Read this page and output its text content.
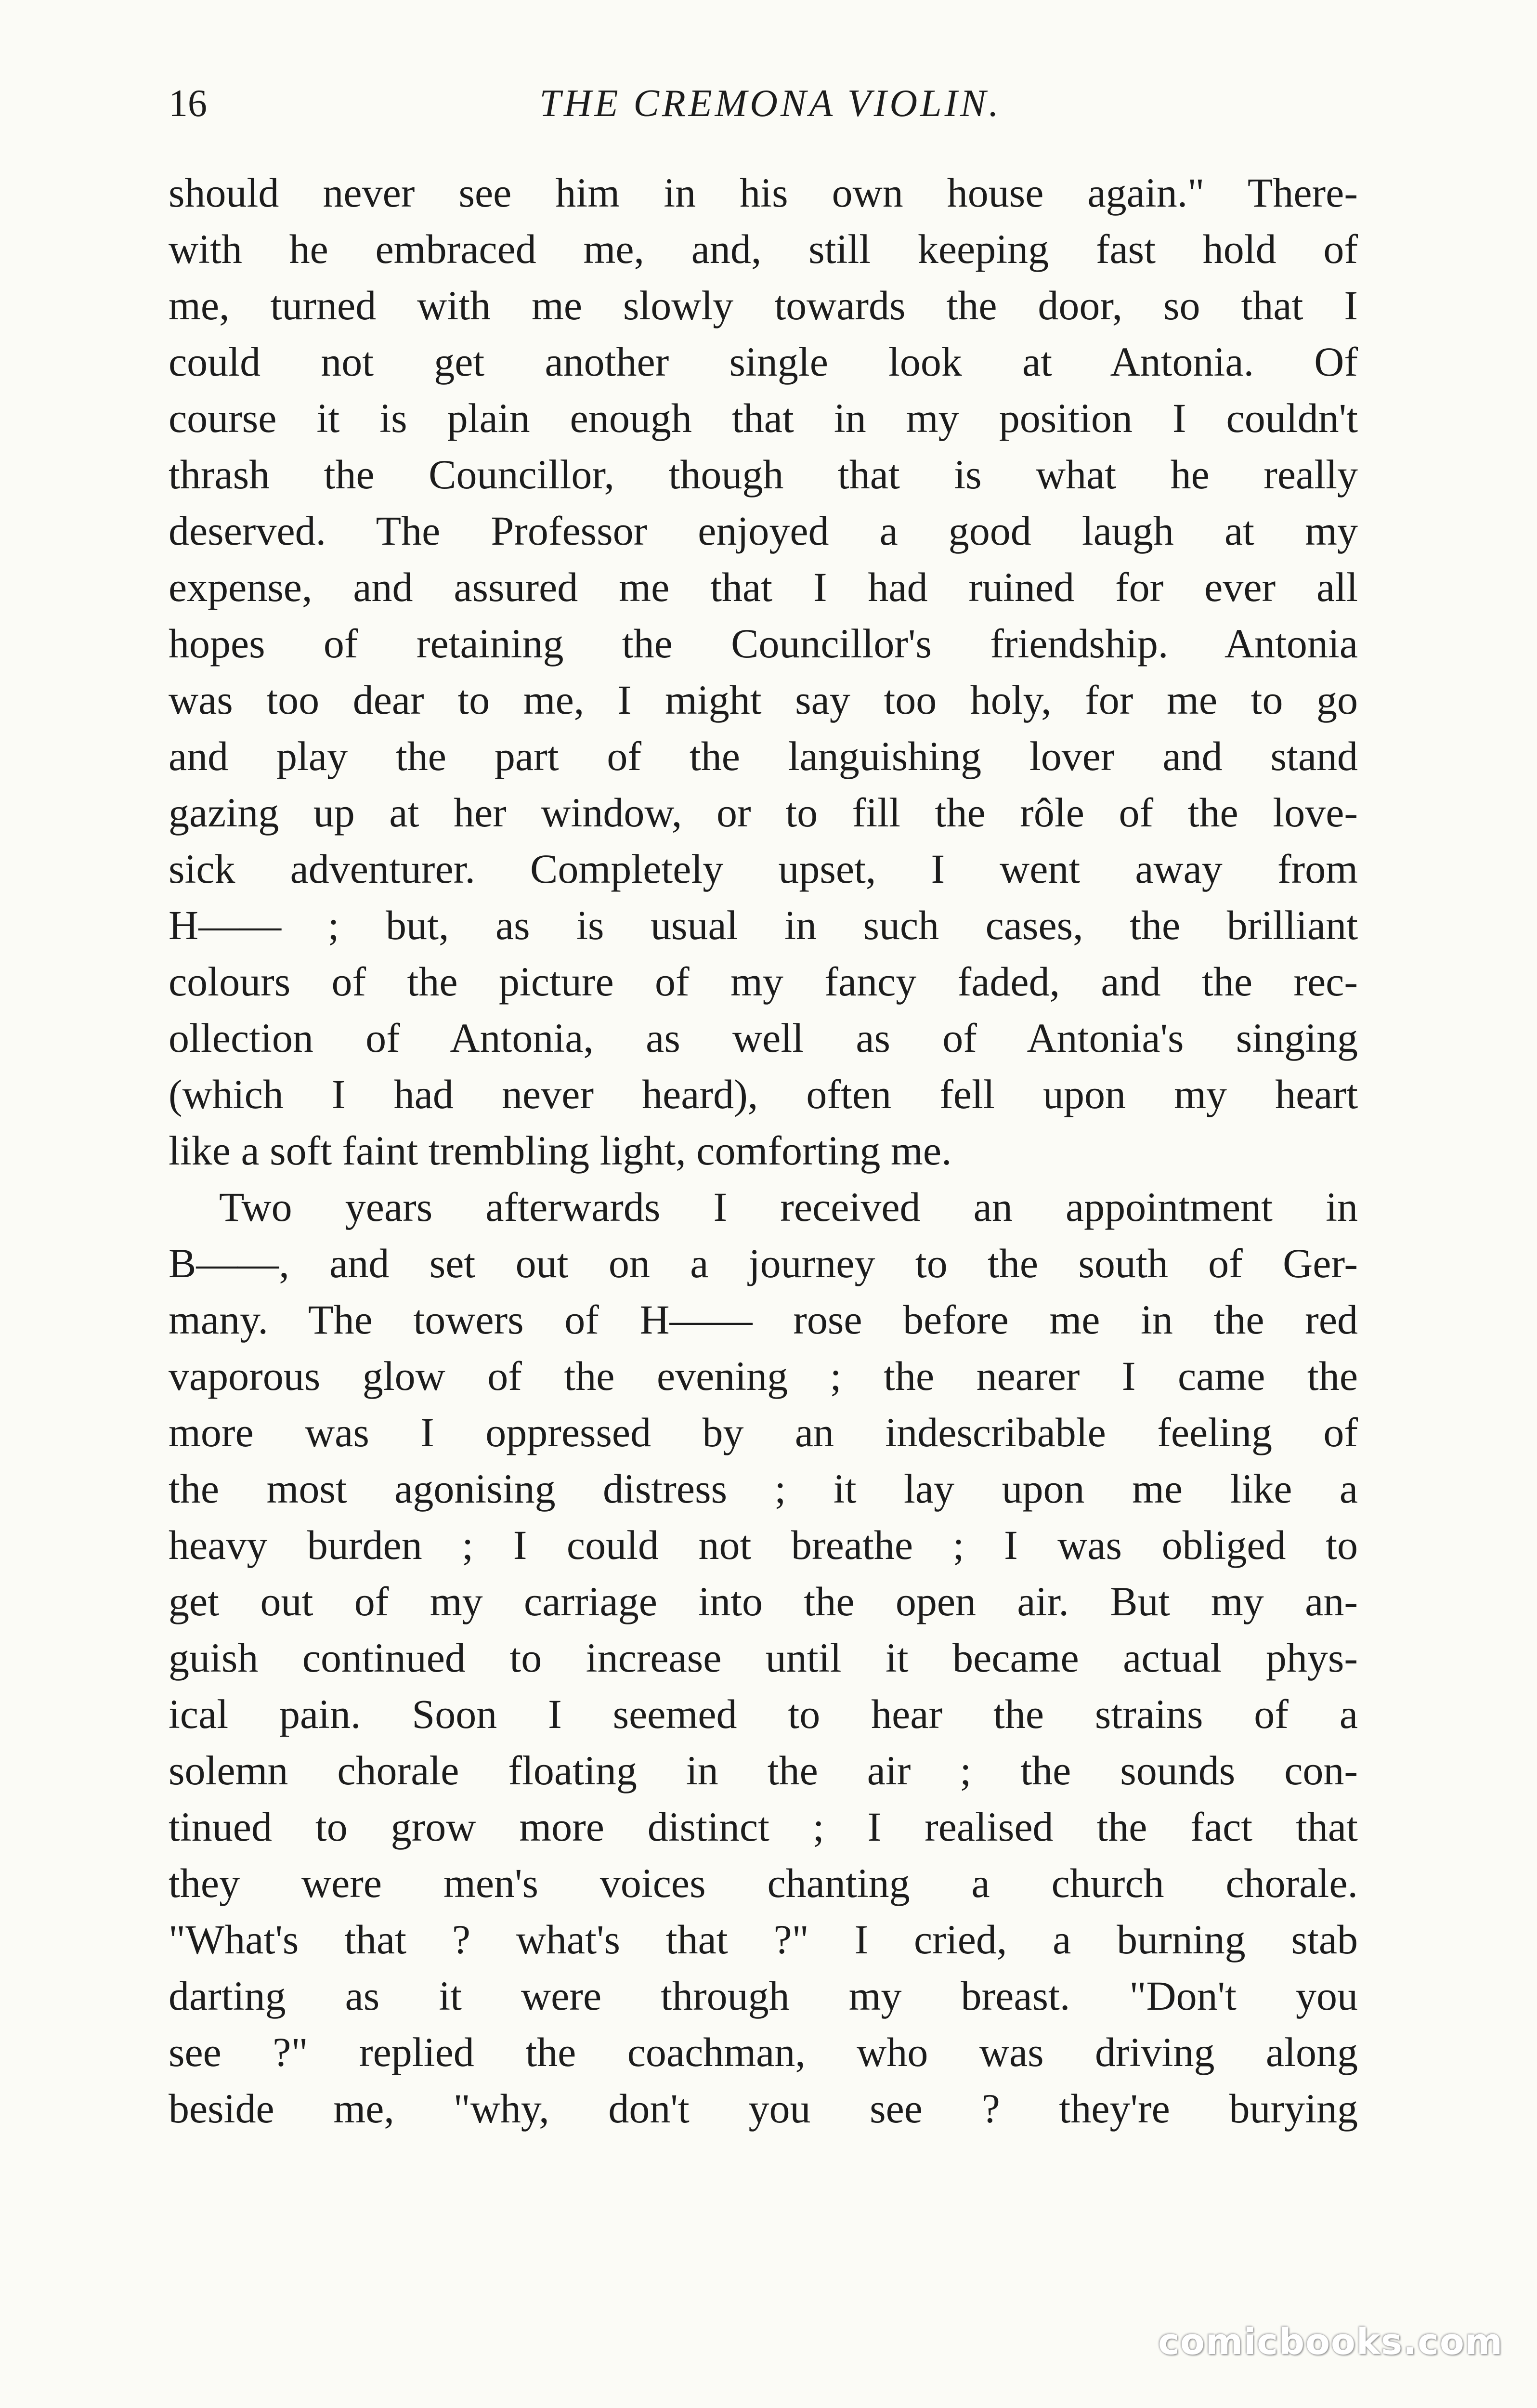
16	THE CREMONA VIOLIN.
should never see him in his own house again." There-
with he embraced me, and, still keeping fast hold of
me, turned with me slowly towards the door, so that I
could not get another single look at Antonia. Of
course it is plain enough that in my position I couldn't
thrash the Councillor, though that is what he really
deserved. The Professor enjoyed a good laugh at my
expense, and assured me that I had ruined for ever all
hopes of retaining the Councillor's friendship. Antonia
was too dear to me, I might say too holy, for me to go
and play the part of the languishing lover and stand
gazing up at her window, or to fill the rôle of the love-
sick adventurer. Completely upset, I went away from
H—— ; but, as is usual in such cases, the brilliant
colours of the picture of my fancy faded, and the rec-
ollection of Antonia, as well as of Antonia's singing
(which I had never heard), often fell upon my heart
like a soft faint trembling light, comforting me.
Two years afterwards I received an appointment in
B——, and set out on a journey to the south of Ger-
many. The towers of H—— rose before me in the red
vaporous glow of the evening ; the nearer I came the
more was I oppressed by an indescribable feeling of
the most agonising distress ; it lay upon me like a
heavy burden ; I could not breathe ; I was obliged to
get out of my carriage into the open air. But my an-
guish continued to increase until it became actual phys-
ical pain. Soon I seemed to hear the strains of a
solemn chorale floating in the air ; the sounds con-
tinued to grow more distinct ; I realised the fact that
they were men's voices chanting a church chorale.
"What's that ? what's that ?" I cried, a burning stab
darting as it were through my breast. "Don't you
see ?" replied the coachman, who was driving along
beside me, "why, don't you see ? they're burying
comicbooks.com
